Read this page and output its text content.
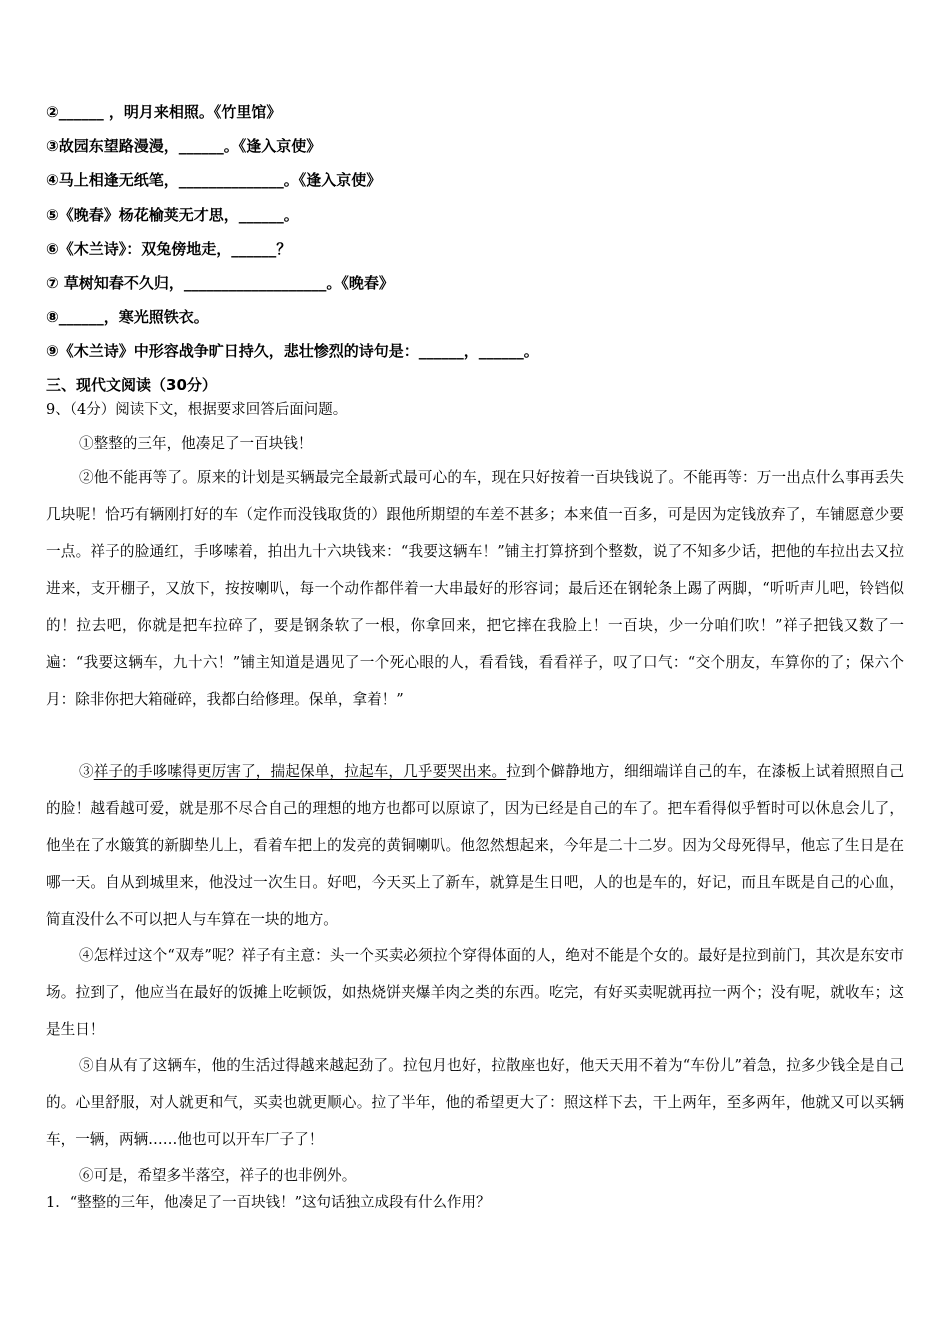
②______ ，明月来相照。《竹里馆》
③故园东望路漫漫，______。《逢入京使》
④马上相逢无纸笔，______________。《逢入京使》
⑤《晚春》杨花榆荚无才思，______。
⑥《木兰诗》：双兔傍地走，______？
⑦ 草树知春不久归，___________________。《晚春》
⑧______，寒光照铁衣。
⑨《木兰诗》中形容战争旷日持久，悲壮惨烈的诗句是：______，______。
三、现代文阅读（30分）
9、（4分）阅读下文，根据要求回答后面问题。

①整整的三年，他凑足了一百块钱！

②他不能再等了。原来的计划是买辆最完全最新式最可心的车，现在只好按着一百块钱说了。不能再等：万一出点什么事再丢失几块呢！恰巧有辆刚打好的车（定作而没钱取货的）跟他所期望的车差不甚多；本来值一百多，可是因为定钱放弃了，车铺愿意少要一点。祥子的脸通红，手哆嗦着，拍出九十六块钱来：“我要这辆车！”铺主打算挤到个整数，说了不知多少话，把他的车拉出去又拉进来，支开棚子，又放下，按按喇叭，每一个动作都伴着一大串最好的形容词；最后还在钢轮条上踢了两脚，“听听声儿吧，铃铛似的！拉去吧，你就是把车拉碎了，要是钢条软了一根，你拿回来，把它摔在我脸上！一百块，少一分咱们吹！”祥子把钱又数了一遍：“我要这辆车，九十六！”铺主知道是遇见了一个死心眼的人，看看钱，看看祥子，叹了口气：“交个朋友，车算你的了；保六个月：除非你把大箱碰碎，我都白给修理。保单，拿着！”

③祥子的手哆嗦得更厉害了，揣起保单，拉起车，几乎要哭出来。拉到个僻静地方，细细端详自己的车，在漆板上试着照照自己的脸！越看越可爱，就是那不尽合自己的理想的地方也都可以原谅了，因为已经是自己的车了。把车看得似乎暂时可以休息会儿了，他坐在了水簸箕的新脚垫儿上，看着车把上的发亮的黄铜喇叭。他忽然想起来，今年是二十二岁。因为父母死得早，他忘了生日是在哪一天。自从到城里来，他没过一次生日。好吧，今天买上了新车，就算是生日吧，人的也是车的，好记，而且车既是自己的心血，简直没什么不可以把人与车算在一块的地方。

④怎样过这个“双寿”呢？祥子有主意：头一个买卖必须拉个穿得体面的人，绝对不能是个女的。最好是拉到前门，其次是东安市场。拉到了，他应当在最好的饭摊上吃顿饭，如热烧饼夹爆羊肉之类的东西。吃完，有好买卖呢就再拉一两个；没有呢，就收车；这是生日！

⑤自从有了这辆车，他的生活过得越来越起劲了。拉包月也好，拉散座也好，他天天用不着为“车份儿”着急，拉多少钱全是自己的。心里舒服，对人就更和气，买卖也就更顺心。拉了半年，他的希望更大了：照这样下去，干上两年，至多两年，他就又可以买辆车，一辆，两辆……他也可以开车厂子了！

⑥可是，希望多半落空，祥子的也非例外。

1．“整整的三年，他凑足了一百块钱！”这句话独立成段有什么作用？
